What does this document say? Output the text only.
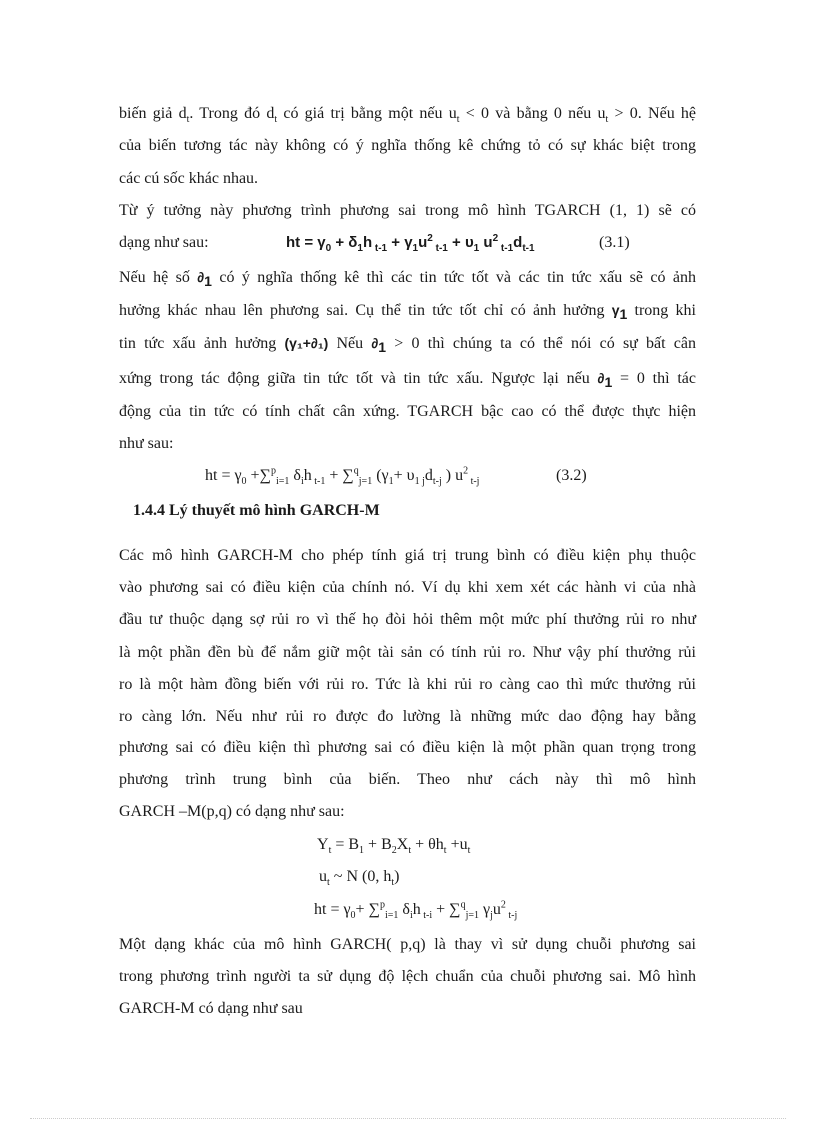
biến giả $d_t$. Trong đó $d_t$ có giá trị bằng một nếu $u_t < 0$ và bằng 0 nếu $u_t > 0$. Nếu hệ
của biến tương tác này không có ý nghĩa thống kê chứng tỏ có sự khác biệt trong
các cú sốc khác nhau.
Từ ý tưởng này phương trình phương sai trong mô hình TGARCH (1, 1) sẽ có
dạng như sau:	ht = $\gamma_0 + \delta_1h$ $_{t-1} + \gamma_1u^2$ $_{t-1} + \upsilon_1$ $u^2$ $_{t-1}d_{t-1}$	(3.1)
Nếu hệ số $\partial_1$ có ý nghĩa thống kê thì các tin tức tốt và các tin tức xấu sẽ có ảnh
hưởng khác nhau lên phương sai. Cụ thể tin tức tốt chỉ có ảnh hưởng $\gamma_1$ trong khi
tin tức xấu ảnh hưởng (γ₁+∂₁) Nếu $\partial_1 > 0$ thì chúng ta có thể nói có sự bất cân
xứng trong tác động giữa tin tức tốt và tin tức xấu. Ngược lại nếu $\partial_1 = 0$ thì tác
động của tin tức có tính chất cân xứng. TGARCH bậc cao có thể được thực hiện
như sau:
ht = $\gamma_0 +\sum^p_{i=1}$ $\delta_ih$ $_{t-1}$ + ∑$^q_{j=1}$ ($\gamma_1+ \upsilon_{1 j}d_{t-j}$ ) $u^2$ $_{t-j}$	(3.2)
1.4.4 Lý thuyết mô hình GARCH-M
Các mô hình GARCH-M cho phép tính giá trị trung bình có điều kiện phụ thuộc
vào phương sai có điều kiện của chính nó. Ví dụ khi xem xét các hành vi của nhà
đầu tư thuộc dạng sợ rủi ro vì thế họ đòi hỏi thêm một mức phí thưởng rủi ro như
là một phần đền bù để nắm giữ một tài sản có tính rủi ro. Như vậy phí thưởng rủi
ro là một hàm đồng biến với rủi ro. Tức là khi rủi ro càng cao thì mức thưởng rủi
ro càng lớn. Nếu như rủi ro được đo lường là những mức dao động hay bằng
phương sai có điều kiện thì phương sai có điều kiện là một phần quan trọng trong
phương trình trung bình của biến. Theo như cách này thì mô hình
GARCH –M(p,q) có dạng như sau:
$Y_t = B_1 + B_2X_t + \theta h_t +u_t$
$u_t$ ~ N (0, $h_t$)
ht = $\gamma_0+ \sum^p_{i=1}$ $\delta_ih$ $_{t-i}$ + ∑$^q_{j=1}$ $\gamma_ju^2$ $_{t-j}$
Một dạng khác của mô hình GARCH( p,q) là thay vì sử dụng chuỗi phương sai
trong phương trình người ta sử dụng độ lệch chuẩn của chuỗi phương sai. Mô hình
GARCH-M có dạng như sau
